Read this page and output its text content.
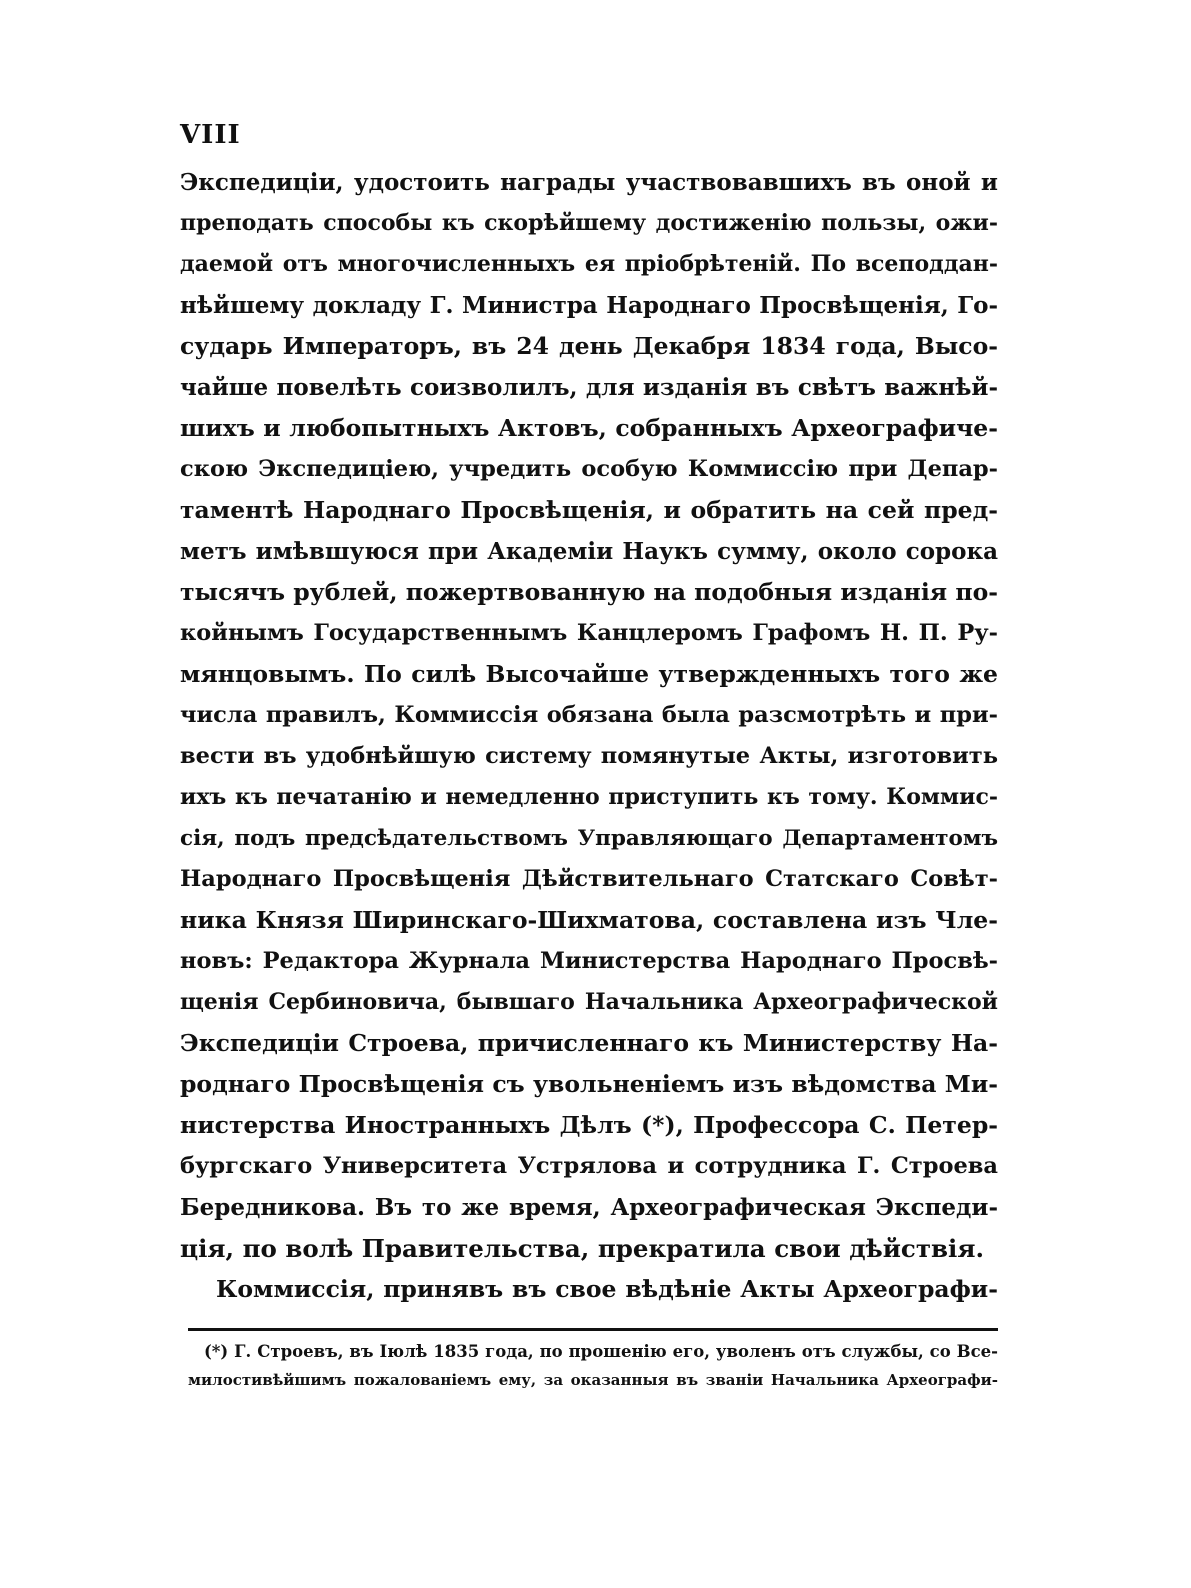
VIII
Экспедиціи, удостоить награды участвовавшихъ въ оной и
преподать способы къ скорѣйшему достиженію пользы, ожи-
даемой отъ многочисленныхъ ея пріобрѣтеній. По всеподдан-
нѣйшему докладу Г. Министра Народнаго Просвѣщенія, Го-
сударь Императоръ, въ 24 день Декабря 1834 года, Высо-
чайше повелѣть соизволилъ, для изданія въ свѣтъ важнѣй-
шихъ и любопытныхъ Актовъ, собранныхъ Археографиче-
скою Экспедиціею, учредить особую Коммиссію при Депар-
таментѣ Народнаго Просвѣщенія, и обратить на сей пред-
метъ имѣвшуюся при Академіи Наукъ сумму, около сорока
тысячъ рублей, пожертвованную на подобныя изданія по-
койнымъ Государственнымъ Канцлеромъ Графомъ Н. П. Ру-
мянцовымъ. По силѣ Высочайше утвержденныхъ того же
числа правилъ, Коммиссія обязана была разсмотрѣть и при-
вести въ удобнѣйшую систему помянутые Акты, изготовить
ихъ къ печатанію и немедленно приступить къ тому. Коммис-
сія, подъ предсѣдательствомъ Управляющаго Департаментомъ
Народнаго Просвѣщенія Дѣйствительнаго Статскаго Совѣт-
ника Князя Ширинскаго-Шихматова, составлена изъ Чле-
новъ: Редактора Журнала Министерства Народнаго Просвѣ-
щенія Сербиновича, бывшаго Начальника Археографической
Экспедиціи Строева, причисленнаго къ Министерству На-
роднаго Просвѣщенія съ увольненіемъ изъ вѣдомства Ми-
нистерства Иностранныхъ Дѣлъ (*), Профессора С. Петер-
бургскаго Университета Устрялова и сотрудника Г. Строева
Бередникова. Въ то же время, Археографическая Экспеди-
ція, по волѣ Правительства, прекратила свои дѣйствія.
Коммиссія, принявъ въ свое вѣдѣніе Акты Археографи-
(*) Г. Строевъ, въ Іюлѣ 1835 года, по прошенію его, уволенъ отъ службы, со Все-
милостивѣйшимъ пожалованіемъ ему, за оказанныя въ званіи Начальника Археографи-
